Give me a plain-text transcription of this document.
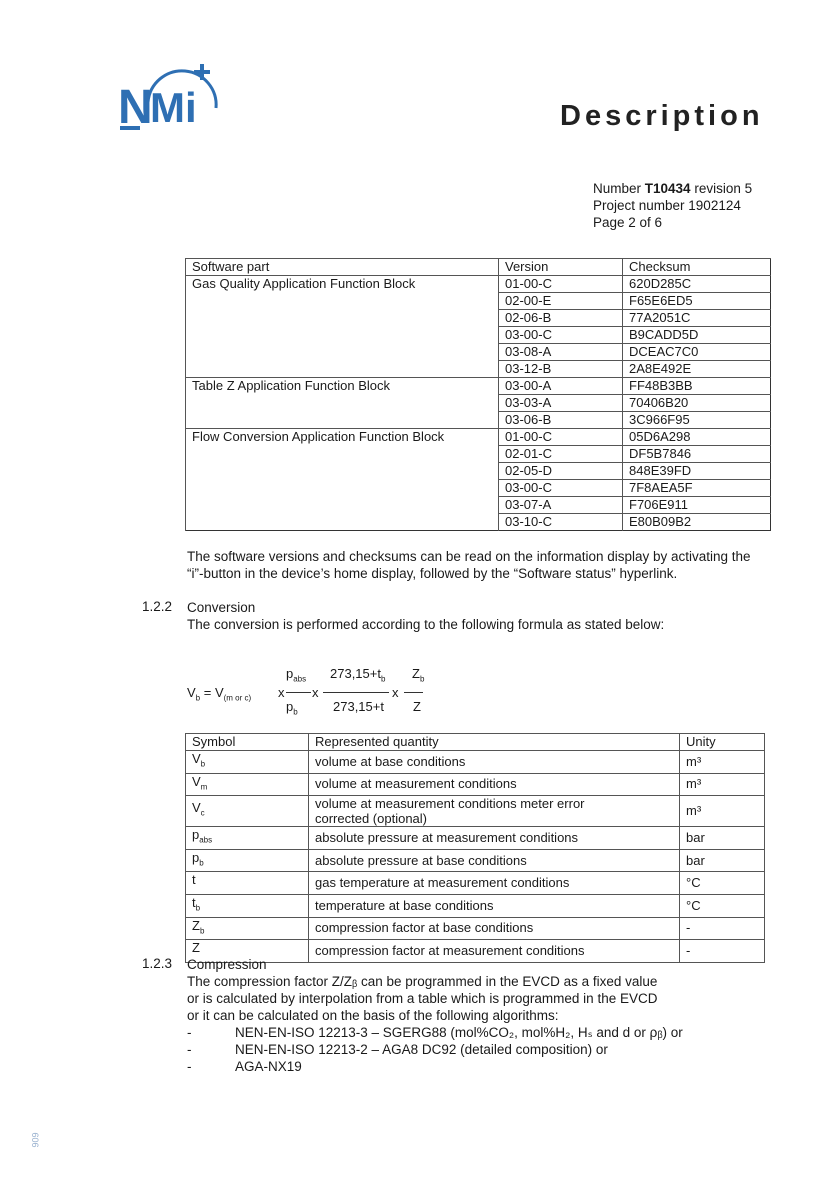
N Mi	Description
Number T10434 revision 5
Project number 1902124
Page 2 of 6
Software part	Version	Checksum
Gas Quality Application Function Block	01-00-C	620D285C
	02-00-E	F65E6ED5
	02-06-B	77A2051C
	03-00-C	B9CADD5D
	03-08-A	DCEAC7C0
	03-12-B	2A8E492E
Table Z Application Function Block	03-00-A	FF48B3BB
	03-03-A	70406B20
	03-06-B	3C966F95
Flow Conversion Application Function Block	01-00-C	05D6A298
	02-01-C	DF5B7846
	02-05-D	848E39FD
	03-00-C	7F8AEA5F
	03-07-A	F706E911
	03-10-C	E80B09B2
The software versions and checksums can be read on the information display by activating the “i”-button in the device’s home display, followed by the “Software status” hyperlink.
1.2.2 Conversion
The conversion is performed according to the following formula as stated below:
$V_b = V_{(m or c)}$ x
$p_{abs}$
$p_b$
x
$273,15+t_b$
273,15+t
x
$Z_b$
Z
Symbol	Represented quantity	Unity
$V_b$	volume at base conditions	m³
$V_m$	volume at measurement conditions	m³
$V_c$	volume at measurement conditions meter error corrected (optional)	m³
$p_{abs}$	absolute pressure at measurement conditions	bar
$p_b$	absolute pressure at base conditions	bar
t	gas temperature at measurement conditions	°C
$t_b$	temperature at base conditions	°C
$Z_b$	compression factor at base conditions	-
Z	compression factor at measurement conditions	-
1.2.3 Compression
The compression factor Z/Zᵦ can be programmed in the EVCD as a fixed value
or is calculated by interpolation from a table which is programmed in the EVCD
or it can be calculated on the basis of the following algorithms:
-	NEN-EN-ISO 12213-3 – SGERG88 (mol%CO₂, mol%H₂, Hₛ and d or ρᵦ) or
-	NEN-EN-ISO 12213-2 – AGA8 DC92 (detailed composition) or
-	AGA-NX19
909
